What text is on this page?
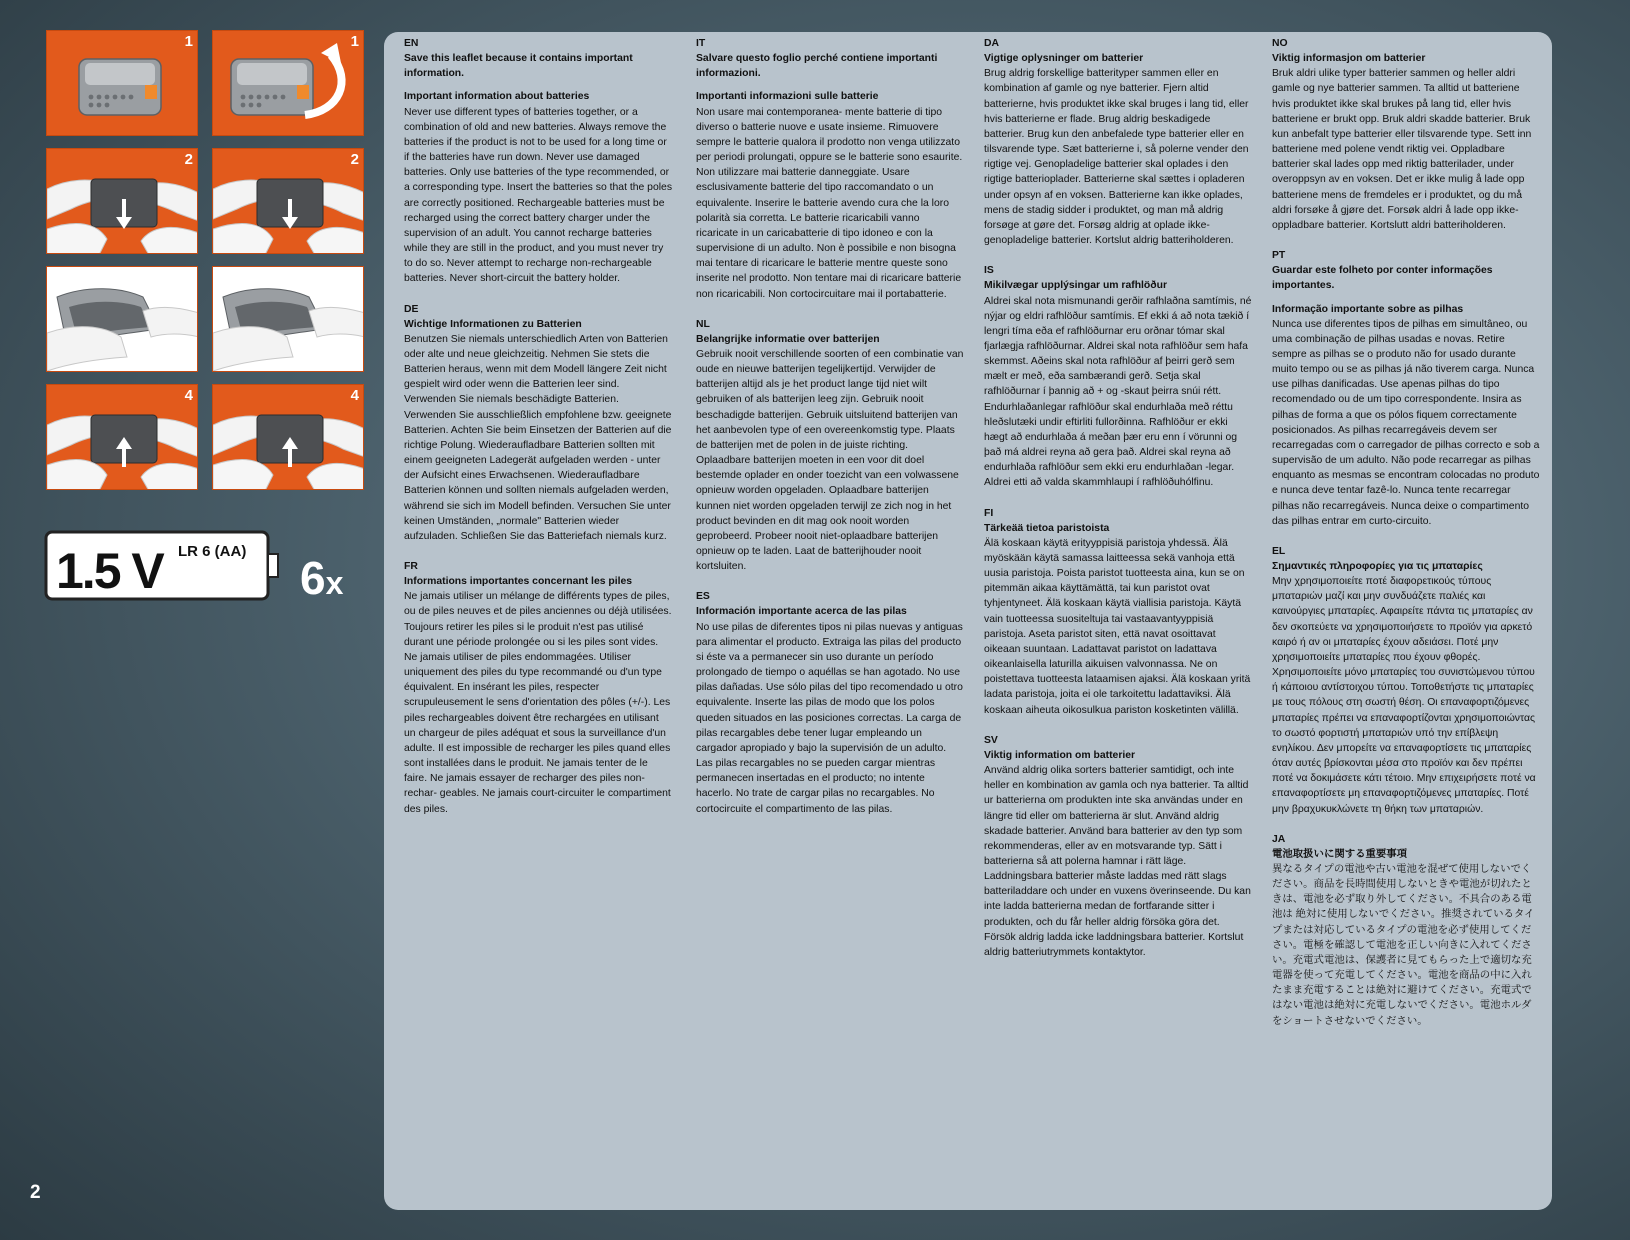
1	1
2	2
3	3
4	4
1.5 V LR 6 (AA)
6x
EN
Save this leaflet because it contains important information.
Important information about batteries
Never use different types of batteries together, or a combination of old and new batteries. Always remove the batteries if the product is not to be used for a long time or if the batteries have run down. Never use damaged batteries. Only use batteries of the type recommended, or a corresponding type. Insert the batteries so that the poles are correctly positioned. Rechargeable batteries must be recharged using the correct battery charger under the supervision of an adult. You cannot recharge batteries while they are still in the product, and you must never try to do so. Never attempt to recharge non-rechargeable batteries. Never short-circuit the battery holder.
DE
Wichtige Informationen zu Batterien
Benutzen Sie niemals unterschiedlich Arten von Batterien oder alte und neue gleichzeitig. Nehmen Sie stets die Batterien heraus, wenn mit dem Modell längere Zeit nicht gespielt wird oder wenn die Batterien leer sind. Verwenden Sie niemals beschädigte Batterien. Verwenden Sie ausschließlich empfohlene bzw. geeignete Batterien. Achten Sie beim Einsetzen der Batterien auf die richtige Polung. Wiederaufladbare Batterien sollten mit einem geeigneten Ladegerät aufgeladen werden - unter der Aufsicht eines Erwachsenen. Wiederaufladbare Batterien können und sollten niemals aufgeladen werden, während sie sich im Modell befinden. Versuchen Sie unter keinen Umständen, „normale" Batterien wieder aufzuladen. Schließen Sie das Batteriefach niemals kurz.
FR
Informations importantes concernant les piles
Ne jamais utiliser un mélange de différents types de piles, ou de piles neuves et de piles anciennes ou déjà utilisées. Toujours retirer les piles si le produit n'est pas utilisé durant une période prolongée ou si les piles sont vides. Ne jamais utiliser de piles endommagées. Utiliser uniquement des piles du type recommandé ou d'un type équivalent. En insérant les piles, respecter scrupuleusement le sens d'orientation des pôles (+/-). Les piles rechargeables doivent être rechargées en utilisant un chargeur de piles adéquat et sous la surveillance d'un adulte. Il est impossible de recharger les piles quand elles sont installées dans le produit. Ne jamais tenter de le faire. Ne jamais essayer de recharger des piles non-rechar- geables. Ne jamais court-circuiter le compartiment des piles.
IT
Salvare questo foglio perché contiene importanti informazioni.
Importanti informazioni sulle batterie
Non usare mai contemporanea- mente batterie di tipo diverso o batterie nuove e usate insieme. Rimuovere sempre le batterie qualora il prodotto non venga utilizzato per periodi prolungati, oppure se le batterie sono esaurite. Non utilizzare mai batterie danneggiate. Usare esclusivamente batterie del tipo raccomandato o un equivalente. Inserire le batterie avendo cura che la loro polarità sia corretta. Le batterie ricaricabili vanno ricaricate in un caricabatterie di tipo idoneo e con la supervisione di un adulto. Non è possibile e non bisogna mai tentare di ricaricare le batterie mentre queste sono inserite nel prodotto. Non tentare mai di ricaricare batterie non ricaricabili. Non cortocircuitare mai il portabatterie.
NL
Belangrijke informatie over batterijen
Gebruik nooit verschillende soorten of een combinatie van oude en nieuwe batterijen tegelijkertijd. Verwijder de batterijen altijd als je het product lange tijd niet wilt gebruiken of als batterijen leeg zijn. Gebruik nooit beschadigde batterijen. Gebruik uitsluitend batterijen van het aanbevolen type of een overeenkomstig type. Plaats de batterijen met de polen in de juiste richting. Oplaadbare batterijen moeten in een voor dit doel bestemde oplader en onder toezicht van een volwassene opnieuw worden opgeladen. Oplaadbare batterijen kunnen niet worden opgeladen terwijl ze zich nog in het product bevinden en dit mag ook nooit worden geprobeerd. Probeer nooit niet-oplaadbare batterijen opnieuw op te laden. Laat de batterijhouder nooit kortsluiten.
ES
Información importante acerca de las pilas
No use pilas de diferentes tipos ni pilas nuevas y antiguas para alimentar el producto. Extraiga las pilas del producto si éste va a permanecer sin uso durante un período prolongado de tiempo o aquéllas se han agotado. No use pilas dañadas. Use sólo pilas del tipo recomendado u otro equivalente. Inserte las pilas de modo que los polos queden situados en las posiciones correctas. La carga de pilas recargables debe tener lugar empleando un cargador apropiado y bajo la supervisión de un adulto. Las pilas recargables no se pueden cargar mientras permanecen insertadas en el producto; no intente hacerlo. No trate de cargar pilas no recargables. No cortocircuite el compartimento de las pilas.
DA
Vigtige oplysninger om batterier
Brug aldrig forskellige batterityper sammen eller en kombination af gamle og nye batterier. Fjern altid batterierne, hvis produktet ikke skal bruges i lang tid, eller hvis batterierne er flade. Brug aldrig beskadigede batterier. Brug kun den anbefalede type batterier eller en tilsvarende type. Sæt batterierne i, så polerne vender den rigtige vej. Genopladelige batterier skal oplades i den rigtige batterioplader. Batterierne skal sættes i opladeren under opsyn af en voksen. Batterierne kan ikke oplades, mens de stadig sidder i produktet, og man må aldrig forsøge at gøre det. Forsøg aldrig at oplade ikke-genopladelige batterier. Kortslut aldrig batteriholderen.
IS
Mikilvægar upplýsingar um rafhlöður
Aldrei skal nota mismunandi gerðir rafhlaðna samtímis, né nýjar og eldri rafhlöður samtímis. Ef ekki á að nota tækið í lengri tíma eða ef rafhlöðurnar eru orðnar tómar skal fjarlægja rafhlöðurnar. Aldrei skal nota rafhlöður sem hafa skemmst. Aðeins skal nota rafhlöður af þeirri gerð sem mælt er með, eða sambærandi gerð. Setja skal rafhlöðurnar í þannig að + og -skaut þeirra snúi rétt. Endurhlaðanlegar rafhlöður skal endurhlaða með réttu hleðslutæki undir eftirliti fullorðinna. Rafhlöður er ekki hægt að endurhlaða á meðan þær eru enn í vörunni og það má aldrei reyna að gera það. Aldrei skal reyna að endurhlaða rafhlöður sem ekki eru endurhlaðan -legar. Aldrei etti að valda skammhlaupi í rafhlöðuhólfinu.
FI
Tärkeää tietoa paristoista
Älä koskaan käytä erityyppisiä paristoja yhdessä. Älä myöskään käytä samassa laitteessa sekä vanhoja että uusia paristoja. Poista paristot tuotteesta aina, kun se on pitemmän aikaa käyttämättä, tai kun paristot ovat tyhjentyneet. Älä koskaan käytä viallisia paristoja. Käytä vain tuotteessa suositeltuja tai vastaavantyyppisiä paristoja. Aseta paristot siten, että navat osoittavat oikeaan suuntaan. Ladattavat paristot on ladattava oikeanlaisella laturilla aikuisen valvonnassa. Ne on poistettava tuotteesta lataamisen ajaksi. Älä koskaan yritä ladata paristoja, joita ei ole tarkoitettu ladattaviksi. Älä koskaan aiheuta oikosulkua pariston kosketinten välillä.
SV
Viktig information om batterier
Använd aldrig olika sorters batterier samtidigt, och inte heller en kombination av gamla och nya batterier. Ta alltid ur batterierna om produkten inte ska användas under en längre tid eller om batterierna är slut. Använd aldrig skadade batterier. Använd bara batterier av den typ som rekommenderas, eller av en motsvarande typ. Sätt i batterierna så att polerna hamnar i rätt läge. Laddningsbara batterier måste laddas med rätt slags batteriladdare och under en vuxens överinseende. Du kan inte ladda batterierna medan de fortfarande sitter i produkten, och du får heller aldrig försöka göra det. Försök aldrig ladda icke laddningsbara batterier. Kortslut aldrig batteriutrymmets kontaktytor.
NO
Viktig informasjon om batterier
Bruk aldri ulike typer batterier sammen og heller aldri gamle og nye batterier sammen. Ta alltid ut batteriene hvis produktet ikke skal brukes på lang tid, eller hvis batteriene er brukt opp. Bruk aldri skadde batterier. Bruk kun anbefalt type batterier eller tilsvarende type. Sett inn batteriene med polene vendt riktig vei. Oppladbare batterier skal lades opp med riktig batterilader, under overoppsyn av en voksen. Det er ikke mulig å lade opp batteriene mens de fremdeles er i produktet, og du må aldri forsøke å gjøre det. Forsøk aldri å lade opp ikke-oppladbare batterier. Kortslutt aldri batteriholderen.
PT
Guardar este folheto por conter informações importantes.
Informação importante sobre as pilhas
Nunca use diferentes tipos de pilhas em simultâneo, ou uma combinação de pilhas usadas e novas. Retire sempre as pilhas se o produto não for usado durante muito tempo ou se as pilhas já não tiverem carga. Nunca use pilhas danificadas. Use apenas pilhas do tipo recomendado ou de um tipo correspondente. Insira as pilhas de forma a que os pólos fiquem correctamente posicionados. As pilhas recarregáveis devem ser recarregadas com o carregador de pilhas correcto e sob a supervisão de um adulto. Não pode recarregar as pilhas enquanto as mesmas se encontram colocadas no produto e nunca deve tentar fazê-lo. Nunca tente recarregar pilhas não recarregáveis. Nunca deixe o compartimento das pilhas entrar em curto-circuito.
EL
Σημαντικές πληροφορίες για τις μπαταρίες
Μην χρησιμοποιείτε ποτέ διαφορετικούς τύπους μπαταριών μαζί και μην συνδυάζετε παλιές και καινούργιες μπαταρίες. Αφαιρείτε πάντα τις μπαταρίες αν δεν σκοπεύετε να χρησιμοποιήσετε το προϊόν για αρκετό καιρό ή αν οι μπαταρίες έχουν αδειάσει. Ποτέ μην χρησιμοποιείτε μπαταρίες που έχουν φθορές. Χρησιμοποιείτε μόνο μπαταρίες του συνιστώμενου τύπου ή κάποιου αντίστοιχου τύπου. Τοποθετήστε τις μπαταρίες με τους πόλους στη σωστή θέση. Οι επαναφορτιζόμενες μπαταρίες πρέπει να επαναφορτίζονται χρησιμοποιώντας το σωστό φορτιστή μπαταριών υπό την επίβλεψη ενηλίκου. Δεν μπορείτε να επαναφορτίσετε τις μπαταρίες όταν αυτές βρίσκονται μέσα στο προϊόν και δεν πρέπει ποτέ να δοκιμάσετε κάτι τέτοιο. Μην επιχειρήσετε ποτέ να επαναφορτίσετε μη επαναφορτιζόμενες μπαταρίες. Ποτέ μην βραχυκυκλώνετε τη θήκη των μπαταριών.
JA
電池取扱いに関する重要事項
異なるタイプの電池や古い電池を混ぜて使用しないでください。商品を長時間使用しないときや電池が切れたときは、電池を必ず取り外してください。不具合のある電池は 絶対に使用しないでください。推奨されているタイプまたは対応しているタイプの電池を必ず使用してください。電極を確認して電池を正しい向きに入れてください。充電式電池は、保護者に見てもらった上で適切な充電器を使って充電してください。電池を商品の中に入れたまま充電することは絶対に避けてください。充電式ではない電池は絶対に充電しないでください。電池ホルダをショートさせないでください。
2
